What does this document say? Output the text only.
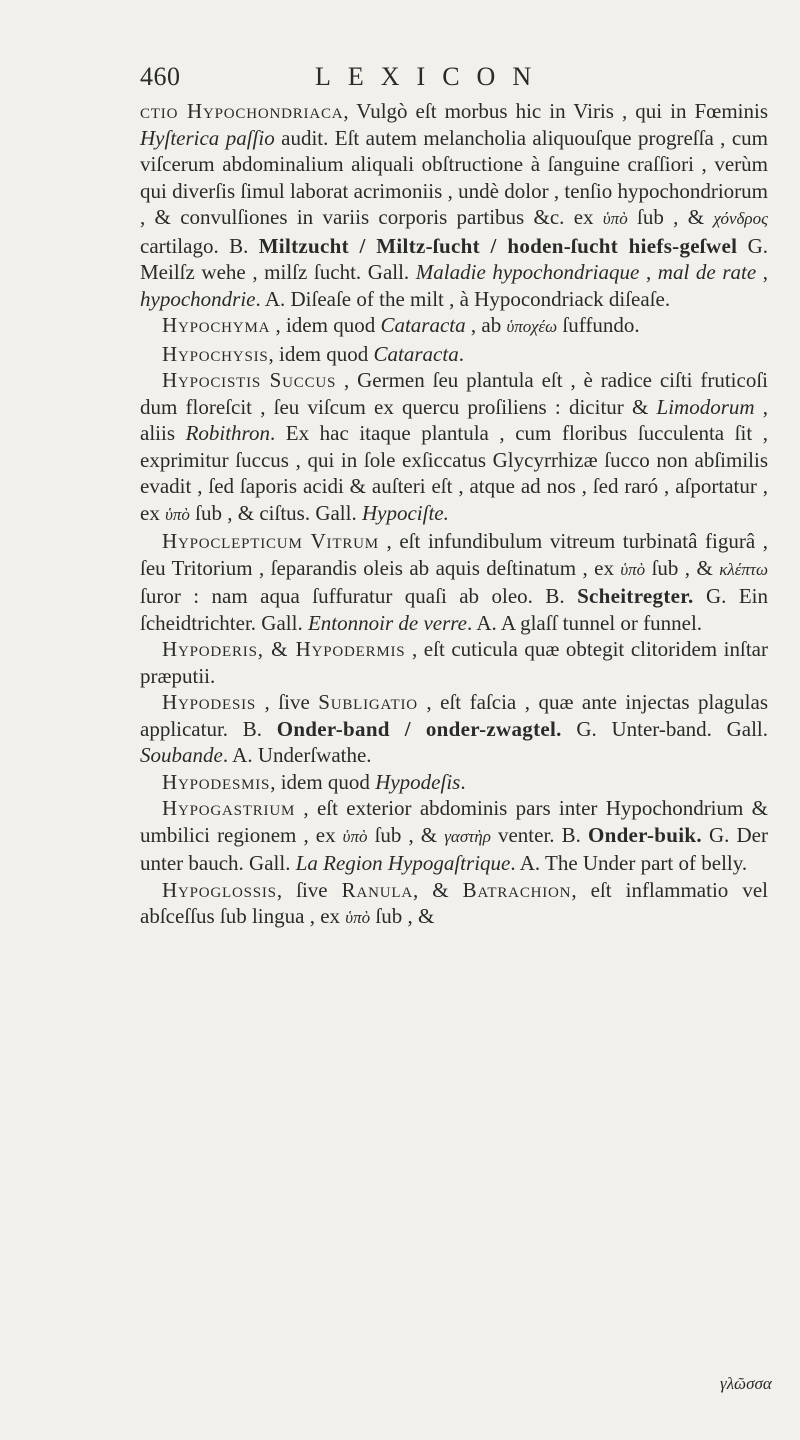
460	LEXICON

ctio Hypochondriaca, Vulgò eſt morbus hic in Viris , qui in Fœminis Hyſterica paſſio audit. Eſt autem melancholia aliquouſque progreſſa , cum viſcerum abdominalium aliquali obſtructione à ſanguine craſſiori , verùm qui diverſis ſimul laborat acrimoniis , undè dolor , tenſio hypochondriorum , & convulſiones in variis corporis partibus &c. ex ὑπὸ ſub , & χόνδρος cartilago. B. Miltzucht / Miltz-ſucht / hoden-ſucht hiefs-geſwel G. Meilſz wehe , milſz ſucht. Gall. Maladie hypochondriaque , mal de rate , hypochondrie. A. Diſeaſe of the milt , à Hypocondriack diſeaſe.

Hypochyma , idem quod Cataracta , ab ὑποχέω ſuffundo.

Hypochysis, idem quod Cataracta.

Hypocistis Succus , Germen ſeu plantula eſt , è radice ciſti fruticoſi dum floreſcit , ſeu viſcum ex quercu proſiliens : dicitur & Limodorum , aliis Robithron. Ex hac itaque plantula , cum floribus ſucculenta ſit , exprimitur ſuccus , qui in ſole exſiccatus Glycyrrhizæ ſucco non abſimilis evadit , ſed ſaporis acidi & auſteri eſt , atque ad nos , ſed raró , aſportatur , ex ὑπὸ ſub , & ciſtus. Gall. Hypociſte.

Hypoclepticum Vitrum , eſt infundibulum vitreum turbinatâ figurâ , ſeu Tritorium , ſeparandis oleis ab aquis deſtinatum , ex ὑπὸ ſub , & κλέπτω ſuror : nam aqua ſuffuratur quaſi ab oleo. B. Scheitregter. G. Ein ſcheidtrichter. Gall. Entonnoir de verre. A. A glaſſ tunnel or funnel.

Hypoderis, & Hypodermis , eſt cuticula quæ obtegit clitoridem inſtar præputii.

Hypodesis , ſive Subligatio , eſt faſcia , quæ ante injectas plagulas applicatur. B. Onder-band / onder-zwagtel. G. Unter-band. Gall. Soubande. A. Underſwathe.

Hypodesmis, idem quod Hypodeſis.

Hypogastrium , eſt exterior abdominis pars inter Hypochondrium & umbilici regionem , ex ὑπὸ ſub , & γαστὴρ venter. B. Onder-buik. G. Der unter bauch. Gall. La Region Hypogaſtrique. A. The Under part of belly.

Hypoglossis, ſive Ranula, & Batrachion, eſt inflammatio vel abſceſſus ſub lingua , ex ὑπὸ ſub , &

γλῶσσα
